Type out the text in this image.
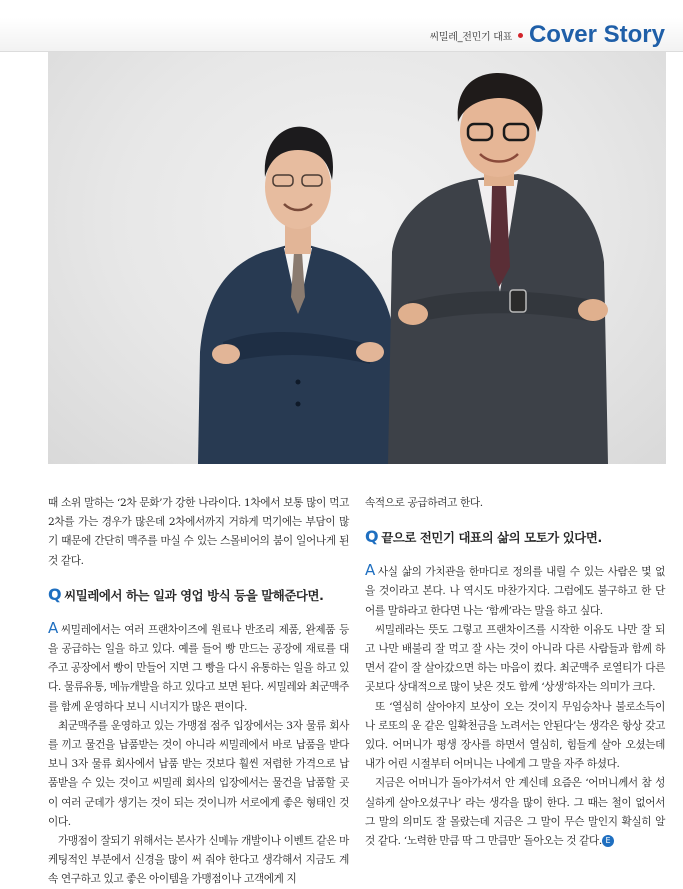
씨밀레_전민기 대표 Cover Story

때 소위 말하는 ‘2차 문화’가 강한 나라이다. 1차에서 보통 많이 먹고 2차를 가는 경우가 많은데 2차에서까지 거하게 먹기에는 부담이 많기 때문에 간단히 맥주를 마실 수 있는 스몰비어의 붐이 일어나게 된 것 같다.

Q 씨밀레에서 하는 일과 영업 방식 등을 말해준다면.

A 씨밀레에서는 여러 프랜차이즈에 원료나 반조리 제품, 완제품 등을 공급하는 일을 하고 있다. 예를 들어 빵 만드는 공장에 재료를 대주고 공장에서 빵이 만들어 지면 그 빵을 다시 유통하는 일을 하고 있다. 물류유통, 메뉴개발을 하고 있다고 보면 된다. 씨밀레와 최군맥주를 함께 운영하다 보니 시너지가 많은 편이다.

최군맥주를 운영하고 있는 가맹점 점주 입장에서는 3자 물류 회사를 끼고 물건을 납품받는 것이 아니라 씨밀레에서 바로 납품을 받다보니 3자 물류 회사에서 납품 받는 것보다 훨씬 저렴한 가격으로 납품받을 수 있는 것이고 씨밀레 회사의 입장에서는 물건을 납품할 곳이 여러 군데가 생기는 것이 되는 것이니까 서로에게 좋은 형태인 것이다.

가맹점이 잘되기 위해서는 본사가 신메뉴 개발이나 이벤트 같은 마케팅적인 부분에서 신경을 많이 써 줘야 한다고 생각해서 지금도 계속 연구하고 있고 좋은 아이템을 가맹점이나 고객에게 지

속적으로 공급하려고 한다.

Q 끝으로 전민기 대표의 삶의 모토가 있다면.

A 사실 삶의 가치관을 한마디로 정의를 내릴 수 있는 사람은 몇 없을 것이라고 본다. 나 역시도 마찬가지다. 그럼에도 불구하고 한 단어를 말하라고 한다면 나는 ‘함께’라는 말을 하고 싶다.

씨밀레라는 뜻도 그렇고 프랜차이즈를 시작한 이유도 나만 잘 되고 나만 배불리 잘 먹고 잘 사는 것이 아니라 다른 사람들과 함께 하면서 같이 잘 살아갔으면 하는 마음이 컸다. 최군맥주 로열티가 다른 곳보다 상대적으로 많이 낮은 것도 함께 ‘상생’하자는 의미가 크다.

또 ‘열심히 살아야지 보상이 오는 것이지 무임승차나 불로소득이나 로또의 운 같은 일확천금을 노려서는 안된다’는 생각은 항상 갖고 있다. 어머니가 평생 장사를 하면서 열심히, 힘들게 살아 오셨는데 내가 어린 시절부터 어머니는 나에게 그 말을 자주 하셨다.

지금은 어머니가 돌아가셔서 안 계신데 요즘은 ‘어머니께서 참 성실하게 살아오셨구나’ 라는 생각을 많이 한다. 그 때는 철이 없어서 그 말의 의미도 잘 몰랐는데 지금은 그 말이 무슨 말인지 확실히 알 것 같다. ‘노력한 만큼 딱 그 만큼만’ 돌아오는 것 같다. E
